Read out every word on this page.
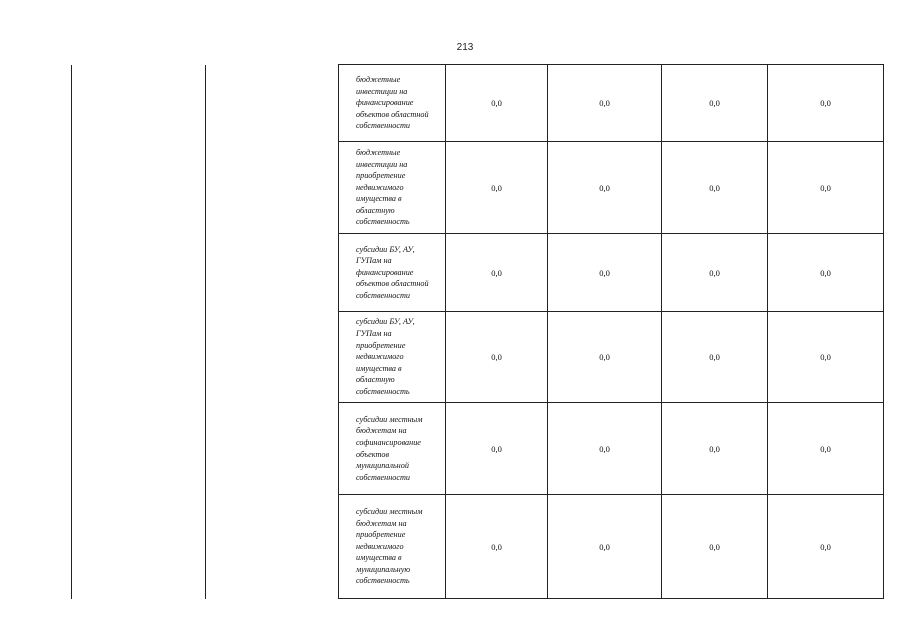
213
бюджетные инвестиции на финансирование объектов областной собственности	0,0	0,0	0,0	0,0

бюджетные инвестиции на приобретение недвижимого имущества в областную собственность	0,0	0,0	0,0	0,0

субсидии БУ, АУ, ГУПам на финансирование объектов областной собственности	0,0	0,0	0,0	0,0

субсидии БУ, АУ, ГУПам на приобретение недвижимого имущества в областную собственность	0,0	0,0	0,0	0,0

субсидии местным бюджетам на софинансирование объектов муниципальной собственности	0,0	0,0	0,0	0,0

субсидии местным бюджетам на приобретение недвижимого имущества в муниципальную собственность	0,0	0,0	0,0	0,0
